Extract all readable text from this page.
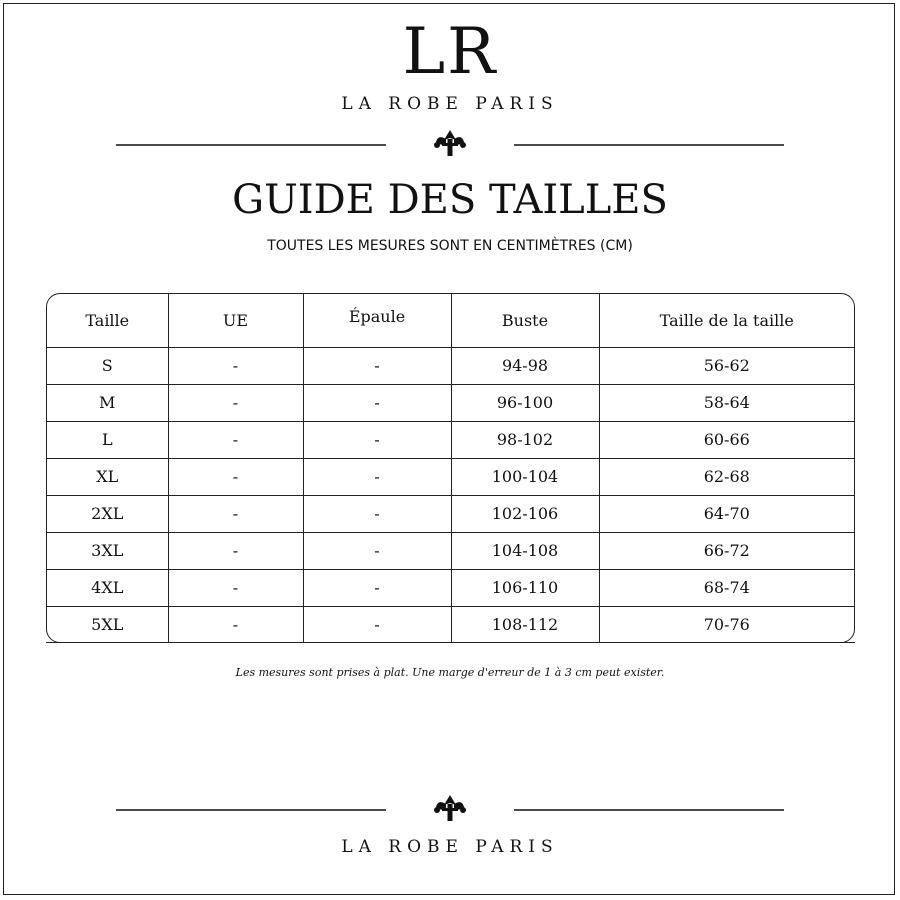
LR
LA ROBE PARIS
GUIDE DES TAILLES
TOUTES LES MESURES SONT EN CENTIMÈTRES (CM)
Taille	UE	Épaule	Buste	Taille de la taille
S	-	-	94-98	56-62
M	-	-	96-100	58-64
L	-	-	98-102	60-66
XL	-	-	100-104	62-68
2XL	-	-	102-106	64-70
3XL	-	-	104-108	66-72
4XL	-	-	106-110	68-74
5XL	-	-	108-112	70-76
Les mesures sont prises à plat. Une marge d'erreur de 1 à 3 cm peut exister.
LA ROBE PARIS
